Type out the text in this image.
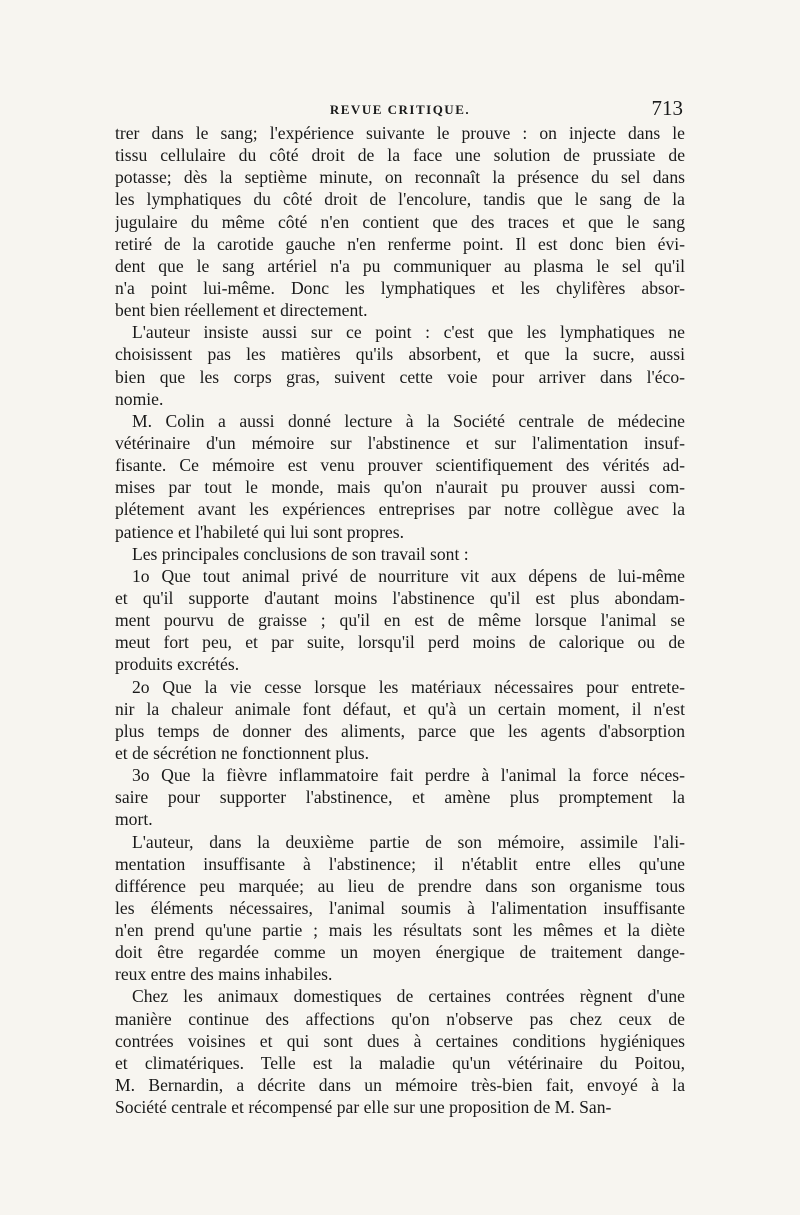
REVUE CRITIQUE.	713
trer dans le sang; l'expérience suivante le prouve : on injecte dans le
tissu cellulaire du côté droit de la face une solution de prussiate de
potasse; dès la septième minute, on reconnaît la présence du sel dans
les lymphatiques du côté droit de l'encolure, tandis que le sang de la
jugulaire du même côté n'en contient que des traces et que le sang
retiré de la carotide gauche n'en renferme point. Il est donc bien évi-
dent que le sang artériel n'a pu communiquer au plasma le sel qu'il
n'a point lui-même. Donc les lymphatiques et les chylifères absor-
bent bien réellement et directement.
L'auteur insiste aussi sur ce point : c'est que les lymphatiques ne
choisissent pas les matières qu'ils absorbent, et que la sucre, aussi
bien que les corps gras, suivent cette voie pour arriver dans l'éco-
nomie.
M. Colin a aussi donné lecture à la Société centrale de médecine
vétérinaire d'un mémoire sur l'abstinence et sur l'alimentation insuf-
fisante. Ce mémoire est venu prouver scientifiquement des vérités ad-
mises par tout le monde, mais qu'on n'aurait pu prouver aussi com-
plétement avant les expériences entreprises par notre collègue avec la
patience et l'habileté qui lui sont propres.
Les principales conclusions de son travail sont :
1o Que tout animal privé de nourriture vit aux dépens de lui-même
et qu'il supporte d'autant moins l'abstinence qu'il est plus abondam-
ment pourvu de graisse ; qu'il en est de même lorsque l'animal se
meut fort peu, et par suite, lorsqu'il perd moins de calorique ou de
produits excrétés.
2o Que la vie cesse lorsque les matériaux nécessaires pour entrete-
nir la chaleur animale font défaut, et qu'à un certain moment, il n'est
plus temps de donner des aliments, parce que les agents d'absorption
et de sécrétion ne fonctionnent plus.
3o Que la fièvre inflammatoire fait perdre à l'animal la force néces-
saire pour supporter l'abstinence, et amène plus promptement la
mort.
L'auteur, dans la deuxième partie de son mémoire, assimile l'ali-
mentation insuffisante à l'abstinence; il n'établit entre elles qu'une
différence peu marquée; au lieu de prendre dans son organisme tous
les éléments nécessaires, l'animal soumis à l'alimentation insuffisante
n'en prend qu'une partie ; mais les résultats sont les mêmes et la diète
doit être regardée comme un moyen énergique de traitement dange-
reux entre des mains inhabiles.
Chez les animaux domestiques de certaines contrées règnent d'une
manière continue des affections qu'on n'observe pas chez ceux de
contrées voisines et qui sont dues à certaines conditions hygiéniques
et climatériques. Telle est la maladie qu'un vétérinaire du Poitou,
M. Bernardin, a décrite dans un mémoire très-bien fait, envoyé à la
Société centrale et récompensé par elle sur une proposition de M. San-
